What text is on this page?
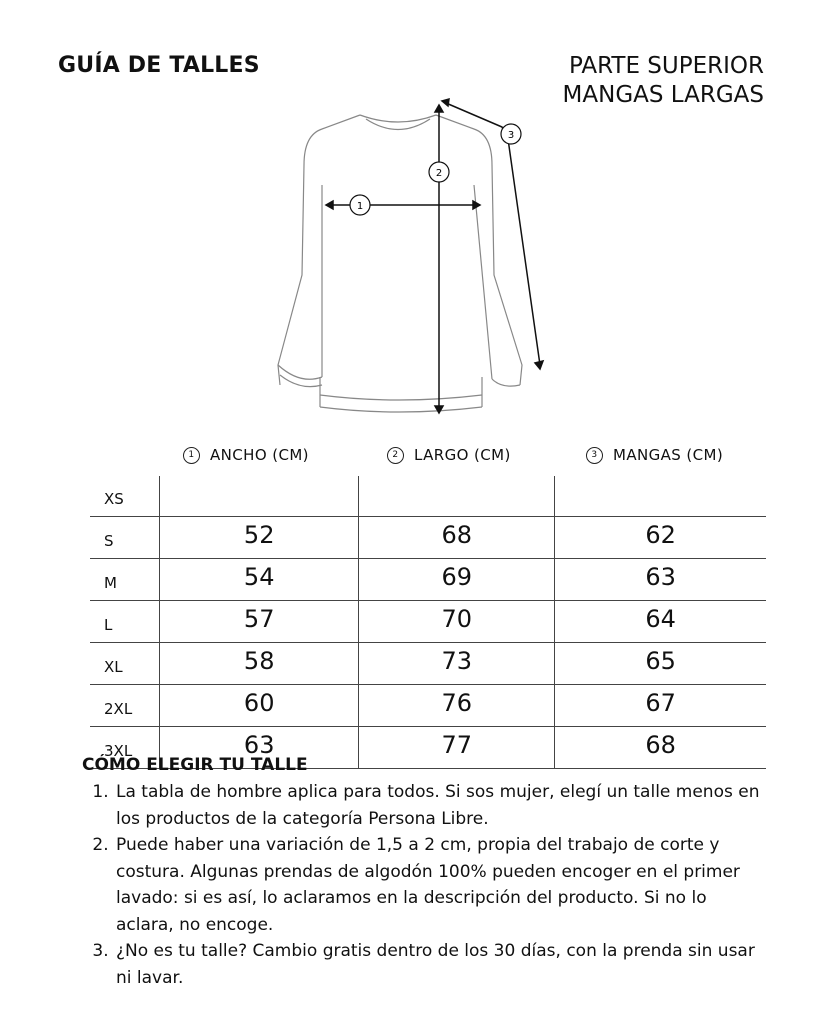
GUÍA DE TALLES	PARTE SUPERIOR
MANGAS LARGAS
1
2
3
1	ANCHO (CM)	2	LARGO (CM)	3	MANGAS (CM)
XS			
S	52	68	62
M	54	69	63
L	57	70	64
XL	58	73	65
2XL	60	76	67
3XL	63	77	68
CÓMO ELEGIR TU TALLE
1. La tabla de hombre aplica para todos. Si sos mujer, elegí un talle menos en los productos de la categoría Persona Libre.
2. Puede haber una variación de 1,5 a 2 cm, propia del trabajo de corte y costura. Algunas prendas de algodón 100% pueden encoger en el primer lavado: si es así, lo aclaramos en la descripción del producto. Si no lo aclara, no encoge.
3. ¿No es tu talle? Cambio gratis dentro de los 30 días, con la prenda sin usar ni lavar.
